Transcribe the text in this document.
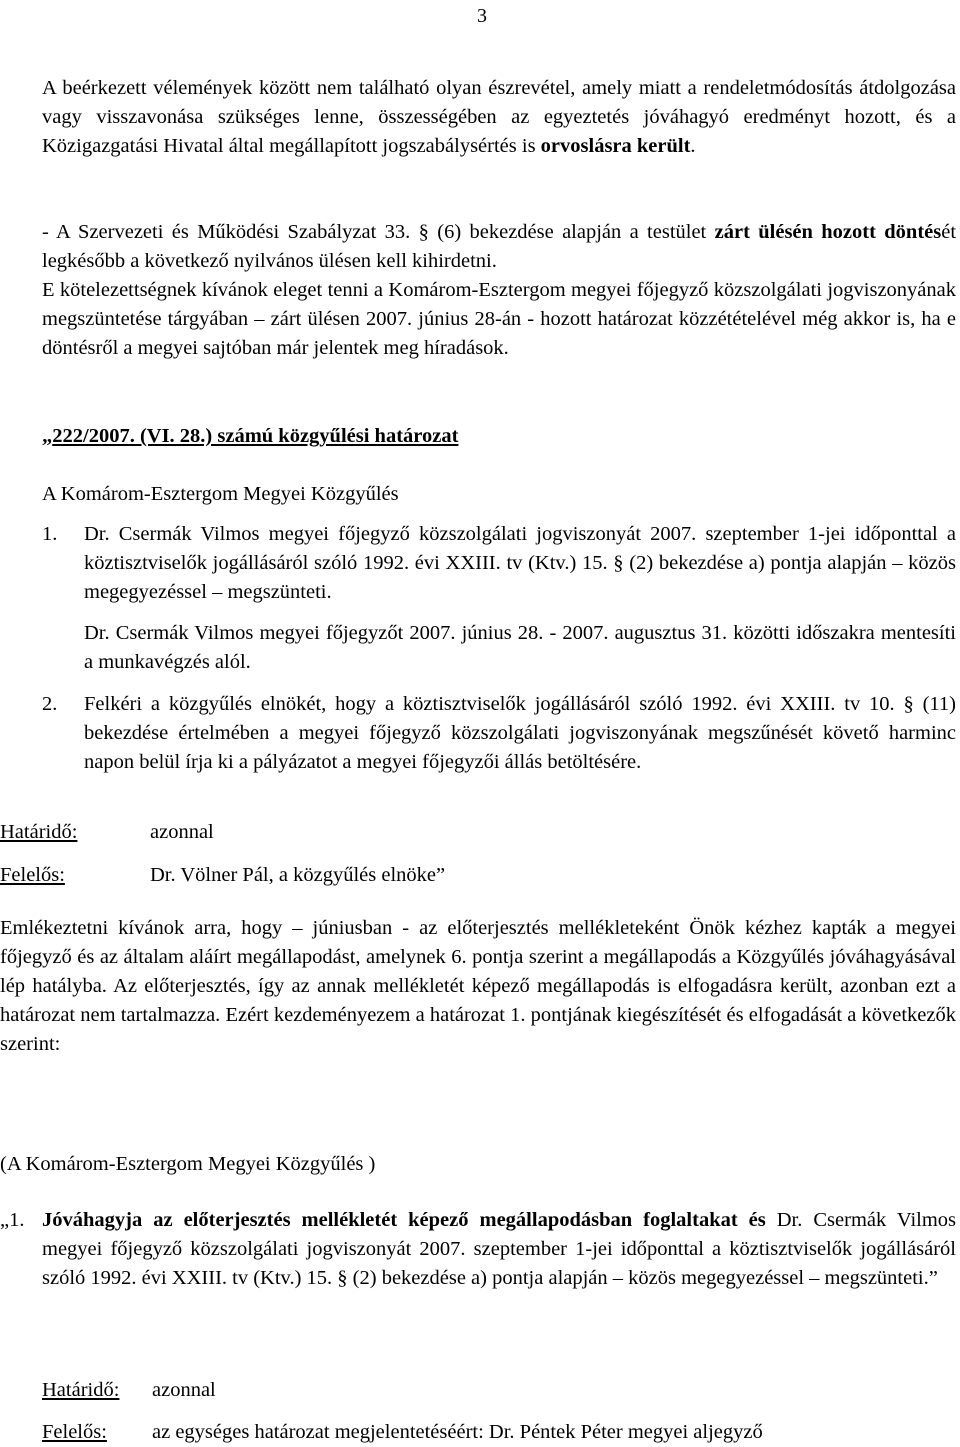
3

A beérkezett vélemények között nem található olyan észrevétel, amely miatt a rendeletmódosítás átdolgozása vagy visszavonása szükséges lenne, összességében az egyeztetés jóváhagyó eredményt hozott, és a Közigazgatási Hivatal által megállapított jogszabálysértés is orvoslásra került.

- A Szervezeti és Működési Szabályzat 33. § (6) bekezdése alapján a testület zárt ülésén hozott döntését legkésőbb a következő nyilvános ülésen kell kihirdetni.

E kötelezettségnek kívánok eleget tenni a Komárom-Esztergom megyei főjegyző közszolgálati jogviszonyának megszüntetése tárgyában – zárt ülésen 2007. június 28-án - hozott határozat közzétételével még akkor is, ha e döntésről a megyei sajtóban már jelentek meg híradások.

„222/2007. (VI. 28.) számú közgyűlési határozat
A Komárom-Esztergom Megyei Közgyűlés
1.	Dr. Csermák Vilmos megyei főjegyző közszolgálati jogviszonyát 2007. szeptember 1-jei időponttal a köztisztviselők jogállásáról szóló 1992. évi XXIII. tv (Ktv.) 15. § (2) bekezdése a) pontja alapján – közös megegyezéssel – megszünteti.

Dr. Csermák Vilmos megyei főjegyzőt 2007. június 28. - 2007. augusztus 31. közötti időszakra mentesíti a munkavégzés alól.

2.	Felkéri a közgyűlés elnökét, hogy a köztisztviselők jogállásáról szóló 1992. évi XXIII. tv 10. § (11) bekezdése értelmében a megyei főjegyző közszolgálati jogviszonyának megszűnését követő harminc napon belül írja ki a pályázatot a megyei főjegyzői állás betöltésére.

Határidő:	azonnal
Felelős:	Dr. Völner Pál, a közgyűlés elnöke”

Emlékeztetni kívánok arra, hogy – júniusban - az előterjesztés mellékleteként Önök kézhez kapták a megyei főjegyző és az általam aláírt megállapodást, amelynek 6. pontja szerint a megállapodás a Közgyűlés jóváhagyásával lép hatályba. Az előterjesztés, így az annak mellékletét képező megállapodás is elfogadásra került, azonban ezt a határozat nem tartalmazza. Ezért kezdeményezem a határozat 1. pontjának kiegészítését és elfogadását a következők szerint:

(A Komárom-Esztergom Megyei Közgyűlés )
„1. Jóváhagyja az előterjesztés mellékletét képező megállapodásban foglaltakat és Dr. Csermák Vilmos megyei főjegyző közszolgálati jogviszonyát 2007. szeptember 1-jei időponttal a köztisztviselők jogállásáról szóló 1992. évi XXIII. tv (Ktv.) 15. § (2) bekezdése a) pontja alapján – közös megegyezéssel – megszünteti.”

Határidő:	azonnal
Felelős:	az egységes határozat megjelentetéséért: Dr. Péntek Péter megyei aljegyző
